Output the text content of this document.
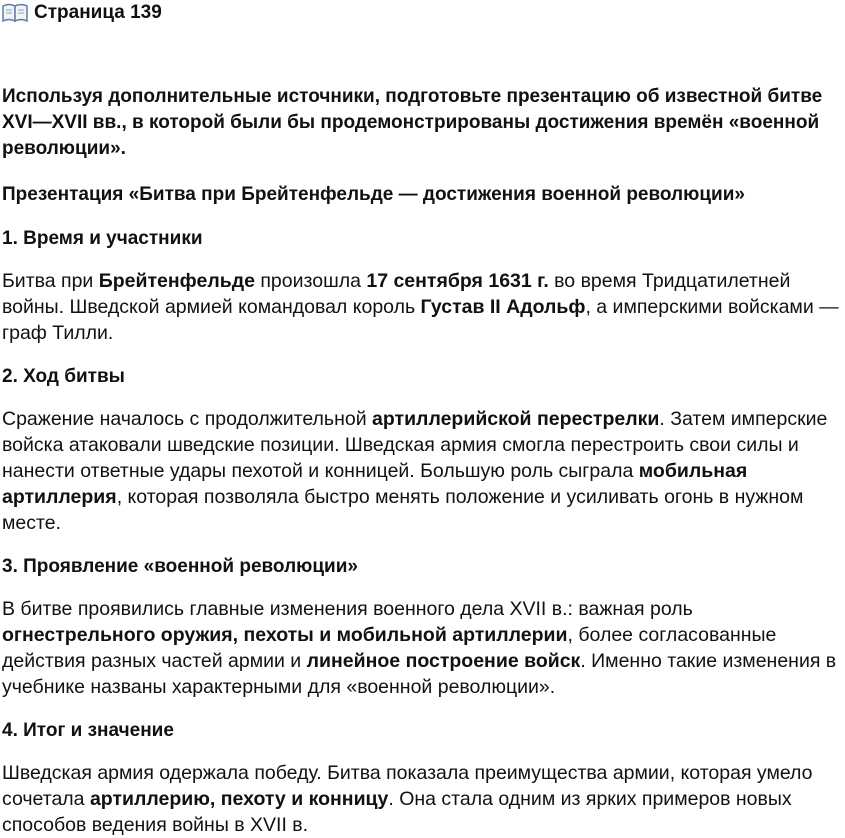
Страница 139
Используя дополнительные источники, подготовьте презентацию об известной битве XVI—XVII вв., в которой были бы продемонстрированы достижения времён «военной революции».
Презентация «Битва при Брейтенфельде — достижения военной революции»
1. Время и участники
Битва при Брейтенфельде произошла 17 сентября 1631 г. во время Тридцатилетней войны. Шведской армией командовал король Густав II Адольф, а имперскими войсками — граф Тилли.
2. Ход битвы
Сражение началось с продолжительной артиллерийской перестрелки. Затем имперские войска атаковали шведские позиции. Шведская армия смогла перестроить свои силы и нанести ответные удары пехотой и конницей. Большую роль сыграла мобильная артиллерия, которая позволяла быстро менять положение и усиливать огонь в нужном месте.
3. Проявление «военной революции»
В битве проявились главные изменения военного дела XVII в.: важная роль огнестрельного оружия, пехоты и мобильной артиллерии, более согласованные действия разных частей армии и линейное построение войск. Именно такие изменения в учебнике названы характерными для «военной революции».
4. Итог и значение
Шведская армия одержала победу. Битва показала преимущества армии, которая умело сочетала артиллерию, пехоту и конницу. Она стала одним из ярких примеров новых способов ведения войны в XVII в.
